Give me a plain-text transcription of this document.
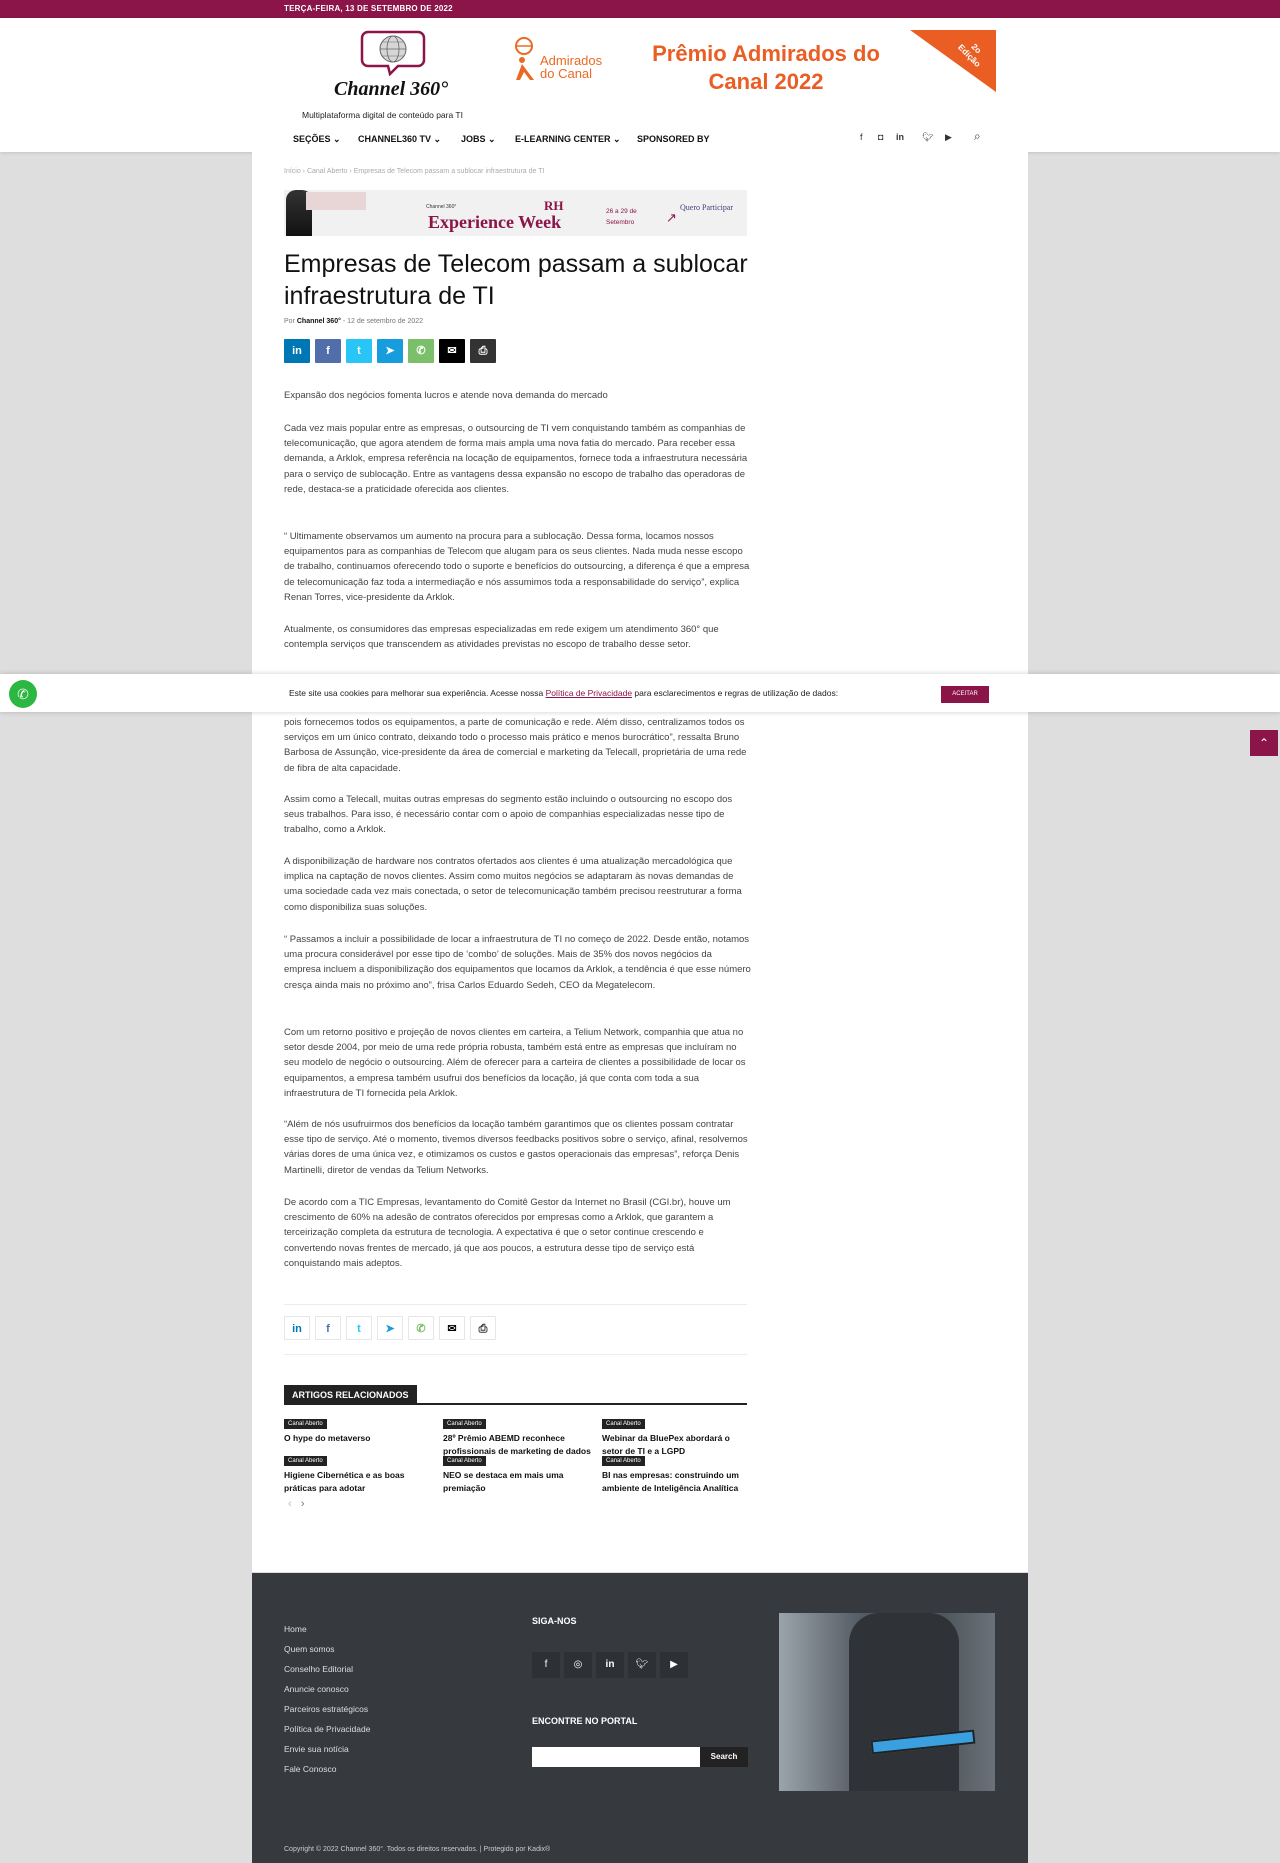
TERÇA-FEIRA, 13 DE SETEMBRO DE 2022
Channel 360°
Multiplataforma digital de conteúdo para TI
Admirados do Canal
Prêmio Admirados do Canal 2022
2o Edição
SEÇÕES ⌄ CHANNEL360 TV ⌄ JOBS ⌄ E-LEARNING CENTER ⌄ SPONSORED BY	f ◘ in 🐦︎ ▶ ⌕
Início › Canal Aberto › Empresas de Telecom passam a sublocar infraestrutura de TI
Channel 360°	RH
Experience Week
26 a 29 de Setembro	↗
Quero Participar
Empresas de Telecom passam a sublocar infraestrutura de TI
Por Channel 360° - 12 de setembro de 2022
in	f	t	➤	✆	✉	⎙

Expansão dos negócios fomenta lucros e atende nova demanda do mercado

Cada vez mais popular entre as empresas, o outsourcing de TI vem conquistando também as companhias de telecomunicação, que agora atendem de forma mais ampla uma nova fatia do mercado. Para receber essa demanda, a Arklok, empresa referência na locação de equipamentos, fornece toda a infraestrutura necessária para o serviço de sublocação. Entre as vantagens dessa expansão no escopo de trabalho das operadoras de rede, destaca-se a praticidade oferecida aos clientes.

“ Ultimamente observamos um aumento na procura para a sublocação. Dessa forma, locamos nossos equipamentos para as companhias de Telecom que alugam para os seus clientes. Nada muda nesse escopo de trabalho, continuamos oferecendo todo o suporte e benefícios do outsourcing, a diferença é que a empresa de telecomunicação faz toda a intermediação e nós assumimos toda a responsabilidade do serviço”, explica Renan Torres, vice-presidente da Arklok.

Atualmente, os consumidores das empresas especializadas em rede exigem um atendimento 360° que contempla serviços que transcendem as atividades previstas no escopo de trabalho desse setor.

pois fornecemos todos os equipamentos, a parte de comunicação e rede. Além disso, centralizamos todos os serviços em um único contrato, deixando todo o processo mais prático e menos burocrático”, ressalta Bruno Barbosa de Assunção, vice-presidente da área de comercial e marketing da Telecall, proprietária de uma rede de fibra de alta capacidade.

Assim como a Telecall, muitas outras empresas do segmento estão incluindo o outsourcing no escopo dos seus trabalhos. Para isso, é necessário contar com o apoio de companhias especializadas nesse tipo de trabalho, como a Arklok.

A disponibilização de hardware nos contratos ofertados aos clientes é uma atualização mercadológica que implica na captação de novos clientes. Assim como muitos negócios se adaptaram às novas demandas de uma sociedade cada vez mais conectada, o setor de telecomunicação também precisou reestruturar a forma como disponibiliza suas soluções.

“ Passamos a incluir a possibilidade de locar a infraestrutura de TI no começo de 2022. Desde então, notamos uma procura considerável por esse tipo de ‘combo’ de soluções. Mais de 35% dos novos negócios da empresa incluem a disponibilização dos equipamentos que locamos da Arklok, a tendência é que esse número cresça ainda mais no próximo ano”, frisa Carlos Eduardo Sedeh, CEO da Megatelecom.

Com um retorno positivo e projeção de novos clientes em carteira, a Telium Network, companhia que atua no setor desde 2004, por meio de uma rede própria robusta, também está entre as empresas que incluíram no seu modelo de negócio o outsourcing. Além de oferecer para a carteira de clientes a possibilidade de locar os equipamentos, a empresa também usufrui dos benefícios da locação, já que conta com toda a sua infraestrutura de TI fornecida pela Arklok.

“Além de nós usufruirmos dos benefícios da locação também garantimos que os clientes possam contratar esse tipo de serviço. Até o momento, tivemos diversos feedbacks positivos sobre o serviço, afinal, resolvemos várias dores de uma única vez, e otimizamos os custos e gastos operacionais das empresas”, reforça Denis Martinelli, diretor de vendas da Telium Networks.

De acordo com a TIC Empresas, levantamento do Comitê Gestor da Internet no Brasil (CGI.br), houve um crescimento de 60% na adesão de contratos oferecidos por empresas como a Arklok, que garantem a terceirização completa da estrutura de tecnologia. A expectativa é que o setor continue crescendo e convertendo novas frentes de mercado, já que aos poucos, a estrutura desse tipo de serviço está conquistando mais adeptos.

✆	Este site usa cookies para melhorar sua experiência. Acesse nossa Política de Privacidade para esclarecimentos e regras de utilização de dados:	ACEITAR
⌃
in	f	t	➤	✆	✉	⎙
ARTIGOS RELACIONADOS
Canal Aberto
O hype do metaverso
Canal Aberto
28º Prêmio ABEMD reconhece profissionais de marketing de dados
Canal Aberto
Webinar da BluePex abordará o setor de TI e a LGPD
Canal Aberto
Higiene Cibernética e as boas práticas para adotar
Canal Aberto
NEO se destaca em mais uma premiação
Canal Aberto
BI nas empresas: construindo um ambiente de Inteligência Analítica
‹ ›
Home
Quem somos
Conselho Editorial
Anuncie conosco
Parceiros estratégicos
Política de Privacidade
Envie sua notícia
Fale Conosco
SIGA-NOS
f	◎	in	🐦︎	▶
ENCONTRE NO PORTAL
Search
Copyright © 2022 Channel 360°. Todos os direitos reservados. | Protegido por Kadix®
